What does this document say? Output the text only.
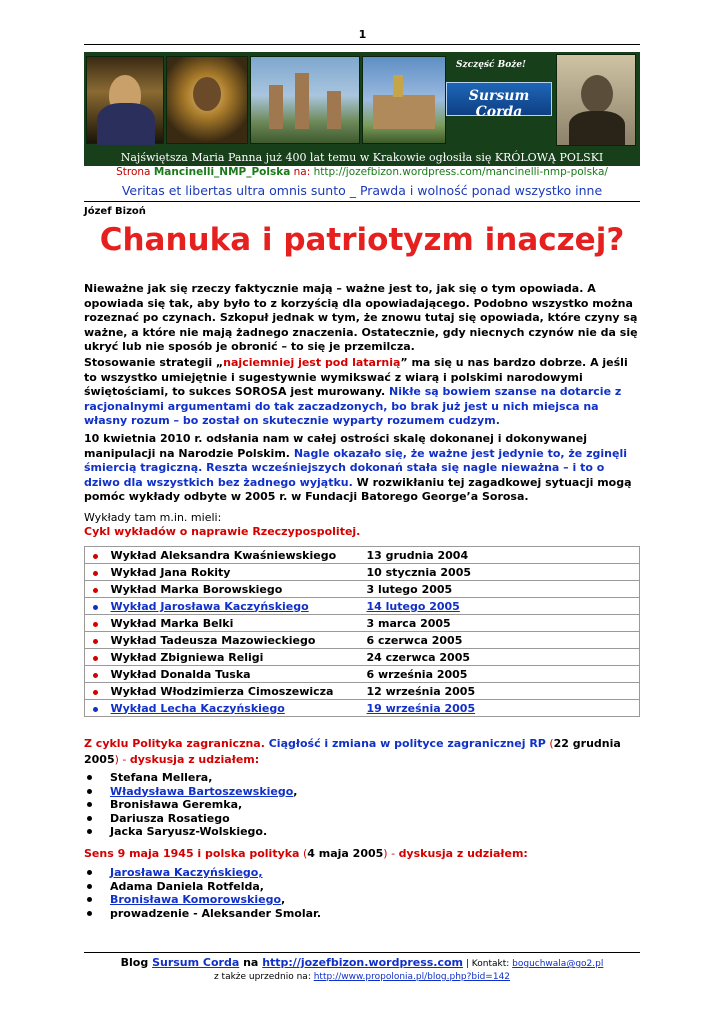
1
Szczęść Boże!
Sursum Corda
Najświętsza Maria Panna już 400 lat temu w Krakowie ogłosiła się KRÓLOWĄ POLSKI
Strona Mancinelli_NMP_Polska na: http://jozefbizon.wordpress.com/mancinelli-nmp-polska/
Veritas et libertas ultra omnis sunto _ Prawda i wolność ponad wszystko inne
Józef Bizoń
Chanuka i patriotyzm inaczej?
Nieważne jak się rzeczy faktycznie mają – ważne jest to, jak się o tym opowiada. A opowiada się tak, aby było to z korzyścią dla opowiadającego. Podobno wszystko można rozeznać po czynach. Szkopuł jednak w tym, że znowu tutaj się opowiada, które czyny są ważne, a które nie mają żadnego znaczenia. Ostatecznie, gdy niecnych czynów nie da się ukryć lub nie sposób je obronić – to się je przemilcza.
Stosowanie strategii „najciemniej jest pod latarnią” ma się u nas bardzo dobrze. A jeśli to wszystko umiejętnie i sugestywnie wymikswać z wiarą i polskimi narodowymi świętościami, to sukces SOROSA jest murowany. Nikłe są bowiem szanse na dotarcie z racjonalnymi argumentami do tak zaczadzonych, bo brak już jest u nich miejsca na własny rozum – bo został on skutecznie wyparty rozumem cudzym.
10 kwietnia 2010 r. odsłania nam w całej ostrości skalę dokonanej i dokonywanej manipulacji na Narodzie Polskim. Nagle okazało się, że ważne jest jedynie to, że zginęli śmiercią tragiczną. Reszta wcześniejszych dokonań stała się nagle nieważna – i to o dziwo dla wszystkich bez żadnego wyjątku. W rozwikłaniu tej zagadkowej sytuacji mogą pomóc wykłady odbyte w 2005 r. w Fundacji Batorego George’a Sorosa.
Wykłady tam m.in. mieli:
Cykl wykładów o naprawie Rzeczypospolitej.
	Wykład Aleksandra Kwaśniewskiego	13 grudnia 2004
	Wykład Jana Rokity	10 stycznia 2005
	Wykład Marka Borowskiego	3 lutego 2005
	Wykład Jarosława Kaczyńskiego	14 lutego 2005
	Wykład Marka Belki	3 marca 2005
	Wykład Tadeusza Mazowieckiego	6 czerwca 2005
	Wykład Zbigniewa Religi	24 czerwca 2005
	Wykład Donalda Tuska	6 września 2005
	Wykład Włodzimierza Cimoszewicza	12 września 2005
	Wykład Lecha Kaczyńskiego	19 września 2005
Z cyklu Polityka zagraniczna. Ciągłość i zmiana w polityce zagranicznej RP (22 grudnia 2005) - dyskusja z udziałem:
Stefana Mellera,
Władysława Bartoszewskiego,
Bronisława Geremka,
Dariusza Rosatiego
Jacka Saryusz-Wolskiego.
Sens 9 maja 1945 i polska polityka (4 maja 2005) - dyskusja z udziałem:
Jarosława Kaczyńskiego,
Adama Daniela Rotfelda,
Bronisława Komorowskiego,
prowadzenie - Aleksander Smolar.
Blog Sursum Corda na http://jozefbizon.wordpress.com | Kontakt: boguchwala@go2.pl
z także uprzednio na: http://www.propolonia.pl/blog.php?bid=142
